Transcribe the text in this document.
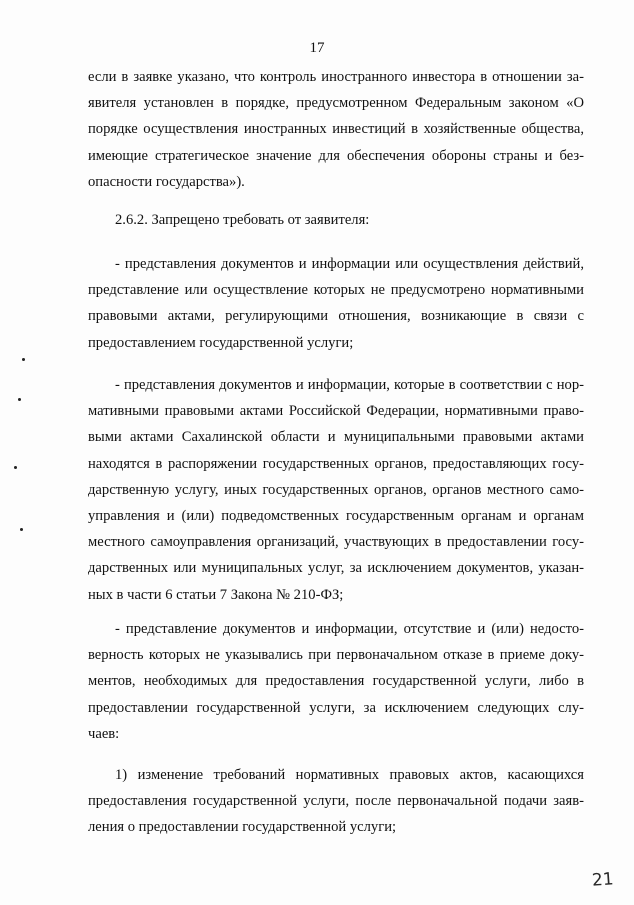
17
если в заявке указано, что контроль иностранного инвестора в отношении за-
явителя установлен в порядке, предусмотренном Федеральным законом «О
порядке осуществления иностранных инвестиций в хозяйственные общества,
имеющие стратегическое значение для обеспечения обороны страны и без-
опасности государства»).
2.6.2. Запрещено требовать от заявителя:
- представления документов и информации или осуществления действий,
представление или осуществление которых не предусмотрено нормативными
правовыми актами, регулирующими отношения, возникающие в связи с
предоставлением государственной услуги;
- представления документов и информации, которые в соответствии с нор-
мативными правовыми актами Российской Федерации, нормативными право-
выми актами Сахалинской области и муниципальными правовыми актами
находятся в распоряжении государственных органов, предоставляющих госу-
дарственную услугу, иных государственных органов, органов местного само-
управления и (или) подведомственных государственным органам и органам
местного самоуправления организаций, участвующих в предоставлении госу-
дарственных или муниципальных услуг, за исключением документов, указан-
ных в части 6 статьи 7 Закона № 210-ФЗ;
- представление документов и информации, отсутствие и (или) недосто-
верность которых не указывались при первоначальном отказе в приеме доку-
ментов, необходимых для предоставления государственной услуги, либо в
предоставлении государственной услуги, за исключением следующих слу-
чаев:
1) изменение требований нормативных правовых актов, касающихся
предоставления государственной услуги, после первоначальной подачи заяв-
ления о предоставлении государственной услуги;
21
